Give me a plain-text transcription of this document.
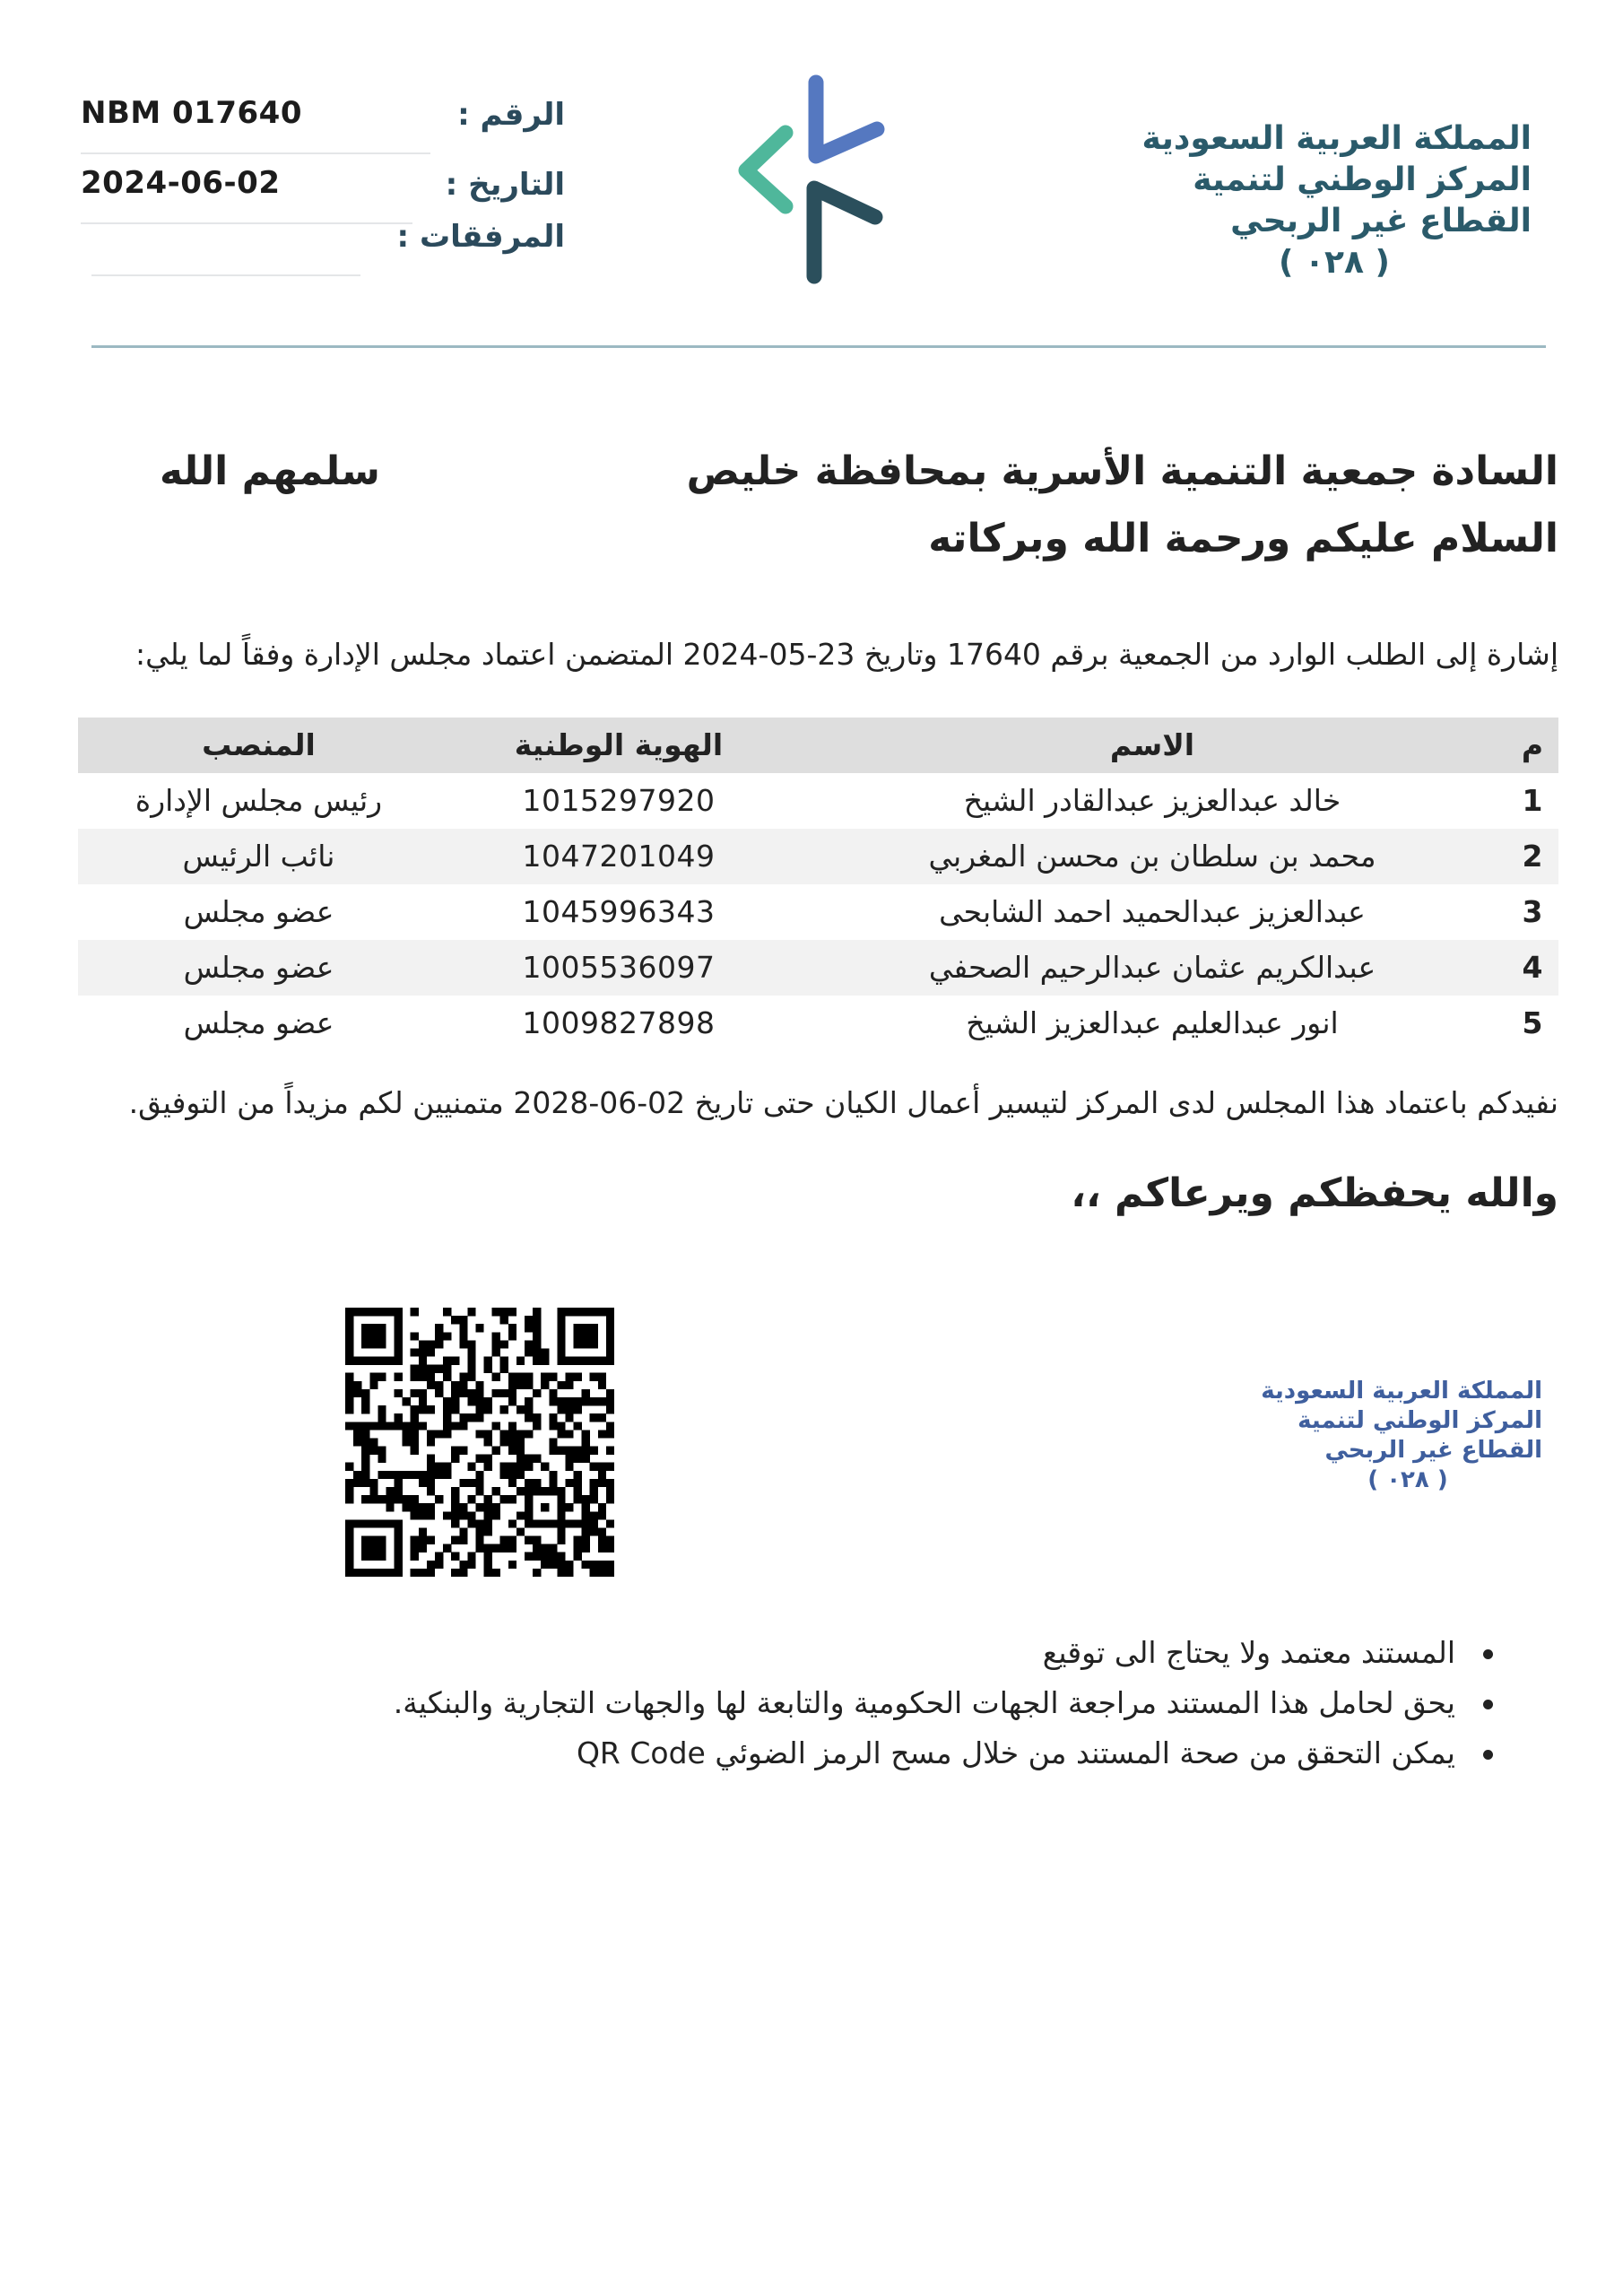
NBM 017640	الرقم :
2024-06-02	التاريخ :
المرفقات :
المملكة العربية السعودية
المركز الوطني لتنمية
القطاع غير الربحي
( ٠٢٨ )
السادة جمعية التنمية الأسرية بمحافظة خليص
سلمهم الله
السلام عليكم ورحمة الله وبركاته
إشارة إلى الطلب الوارد من الجمعية برقم 17640 وتاريخ 23-05-2024 المتضمن اعتماد مجلس الإدارة وفقاً لما يلي:
م
الاسم
الهوية الوطنية
المنصب
1
خالد عبدالعزيز عبدالقادر الشيخ
1015297920
رئيس مجلس الإدارة
2
محمد بن سلطان بن محسن المغربي
1047201049
نائب الرئيس
3
عبدالعزيز عبدالحميد احمد الشابحى
1045996343
عضو مجلس
4
عبدالكريم عثمان عبدالرحيم الصحفي
1005536097
عضو مجلس
5
انور عبدالعليم عبدالعزيز الشيخ
1009827898
عضو مجلس
نفيدكم باعتماد هذا المجلس لدى المركز لتيسير أعمال الكيان حتى تاريخ 02-06-2028 متمنيين لكم مزيداً من التوفيق.
والله يحفظكم ويرعاكم ،،
المملكة العربية السعودية
المركز الوطني لتنمية
القطاع غير الربحي
( ٠٢٨ )
المستند معتمد ولا يحتاج الى توقيع
يحق لحامل هذا المستند مراجعة الجهات الحكومية والتابعة لها والجهات التجارية والبنكية.
يمكن التحقق من صحة المستند من خلال مسح الرمز الضوئي QR Code
